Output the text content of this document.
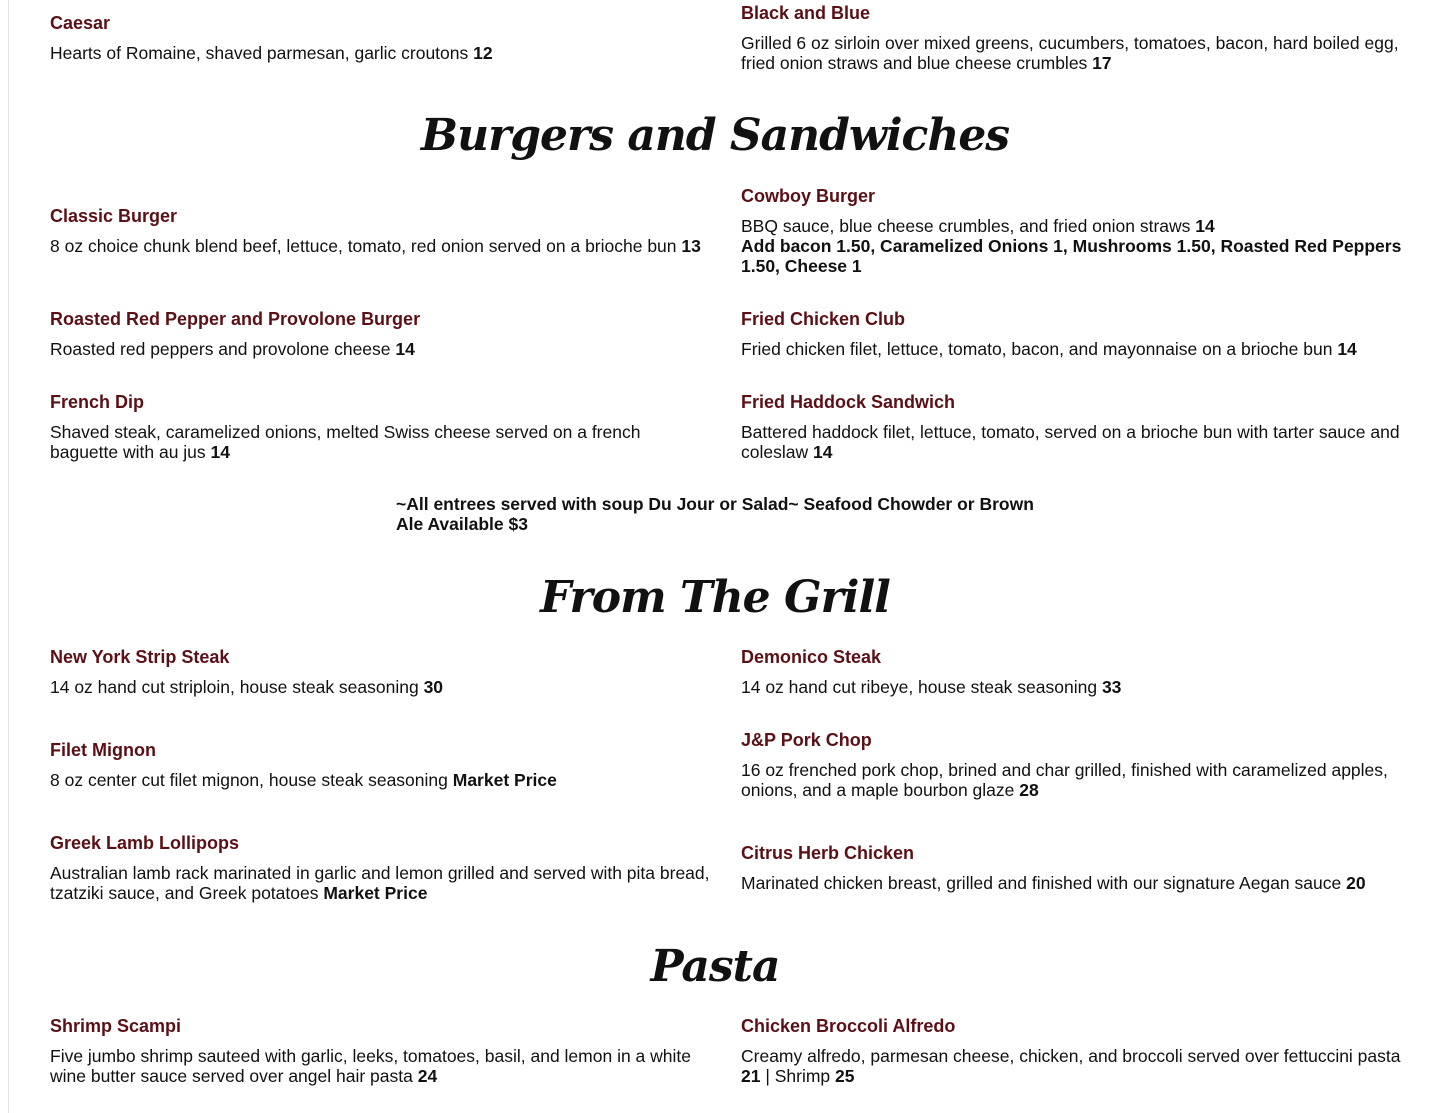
Caesar

Hearts of Romaine, shaved parmesan, garlic croutons 12

Black and Blue

Grilled 6 oz sirloin over mixed greens, cucumbers, tomatoes, bacon, hard boiled egg, fried onion straws and blue cheese crumbles 17

Burgers and Sandwiches

Classic Burger

8 oz choice chunk blend beef, lettuce, tomato, red onion served on a brioche bun 13

Cowboy Burger

BBQ sauce, blue cheese crumbles, and fried onion straws 14

Add bacon 1.50, Caramelized Onions 1, Mushrooms 1.50, Roasted Red Peppers 1.50, Cheese 1

Roasted Red Pepper and Provolone Burger

Roasted red peppers and provolone cheese 14

Fried Chicken Club

Fried chicken filet, lettuce, tomato, bacon, and mayonnaise on a brioche bun 14

French Dip

Shaved steak, caramelized onions, melted Swiss cheese served on a french baguette with au jus 14

Fried Haddock Sandwich

Battered haddock filet, lettuce, tomato, served on a brioche bun with tarter sauce and coleslaw 14

~All entrees served with soup Du Jour or Salad~ Seafood Chowder or Brown Ale Available $3

From The Grill

New York Strip Steak

14 oz hand cut striploin, house steak seasoning 30

Demonico Steak

14 oz hand cut ribeye, house steak seasoning 33

Filet Mignon

8 oz center cut filet mignon, house steak seasoning Market Price

J&P Pork Chop

16 oz frenched pork chop, brined and char grilled, finished with caramelized apples, onions, and a maple bourbon glaze 28

Greek Lamb Lollipops

Australian lamb rack marinated in garlic and lemon grilled and served with pita bread, tzatziki sauce, and Greek potatoes Market Price

Citrus Herb Chicken

Marinated chicken breast, grilled and finished with our signature Aegan sauce 20

Pasta

Shrimp Scampi

Five jumbo shrimp sauteed with garlic, leeks, tomatoes, basil, and lemon in a white wine butter sauce served over angel hair pasta 24

Chicken Broccoli Alfredo

Creamy alfredo, parmesan cheese, chicken, and broccoli served over fettuccini pasta 21 | Shrimp 25
